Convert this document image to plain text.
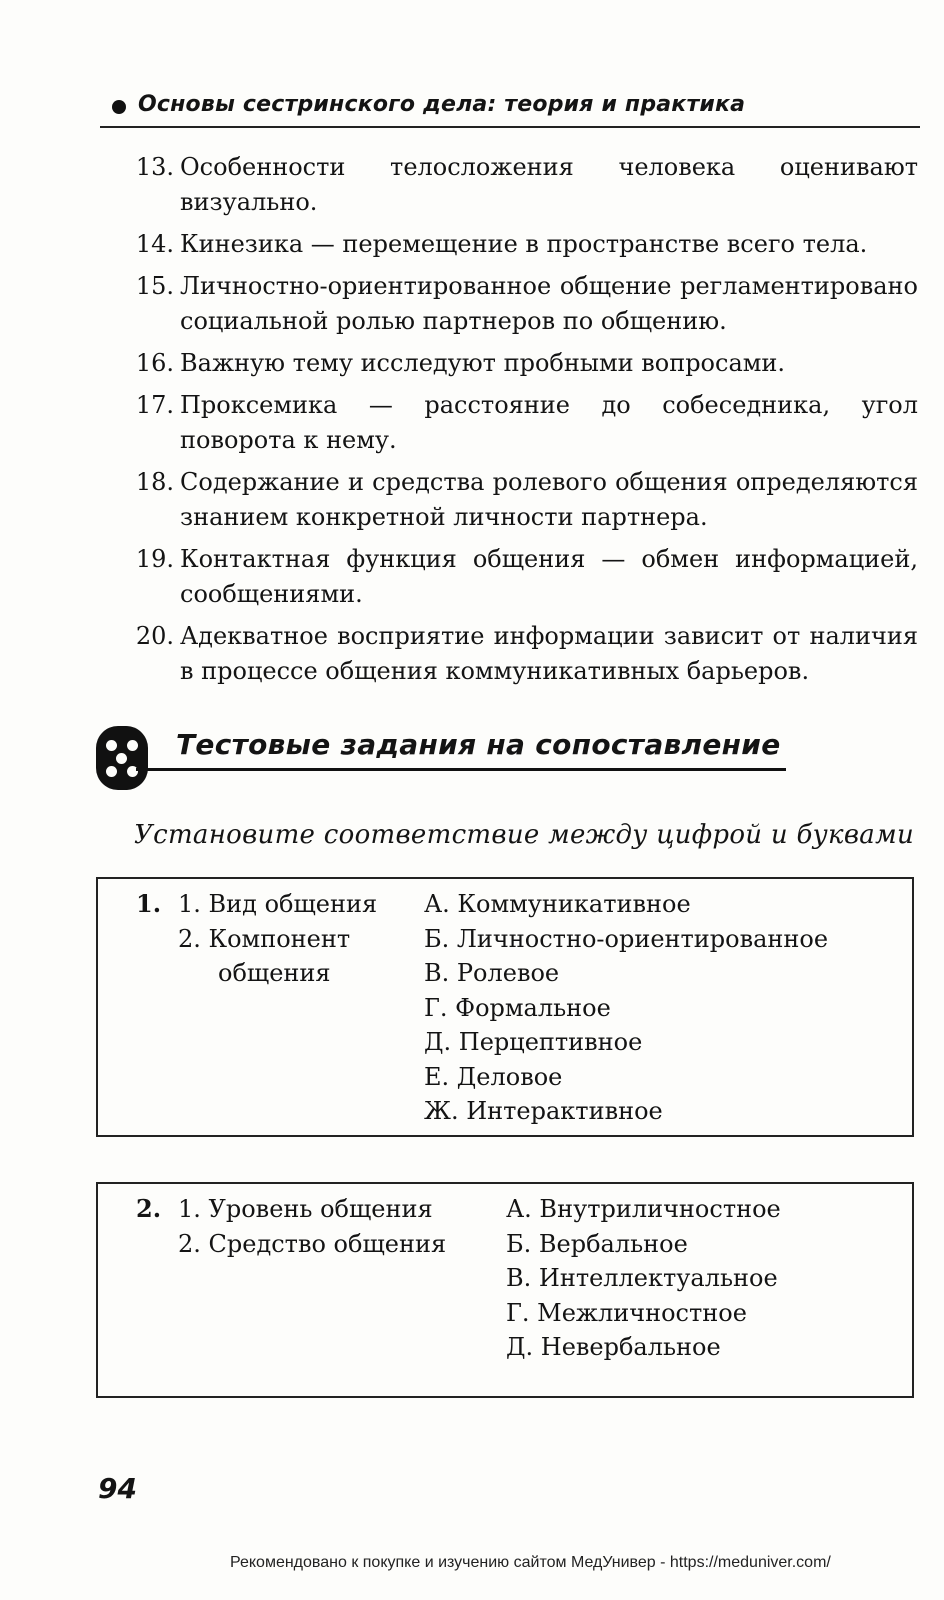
Основы сестринского дела: теория и практика
13. Особенности телосложения человека оценивают визуально.
14. Кинезика — перемещение в пространстве всего тела.
15. Личностно-ориентированное общение регламентировано социальной ролью партнеров по общению.
16. Важную тему исследуют пробными вопросами.
17. Проксемика — расстояние до собеседника, угол поворота к нему.
18. Содержание и средства ролевого общения определяются знанием конкретной личности партнера.
19. Контактная функция общения — обмен информацией, сообщениями.
20. Адекватное восприятие информации зависит от наличия в процессе общения коммуникативных барьеров.
Тестовые задания на сопоставление
Установите соответствие между цифрой и буквами
1. 1. Вид общения
2. Компонент
общения
А. Коммуникативное
Б. Личностно-ориентированное
В. Ролевое
Г. Формальное
Д. Перцептивное
Е. Деловое
Ж. Интерактивное
2. 1. Уровень общения
2. Средство общения
А. Внутриличностное
Б. Вербальное
В. Интеллектуальное
Г. Межличностное
Д. Невербальное
94
Рекомендовано к покупке и изучению сайтом МедУнивер - https://meduniver.com/
